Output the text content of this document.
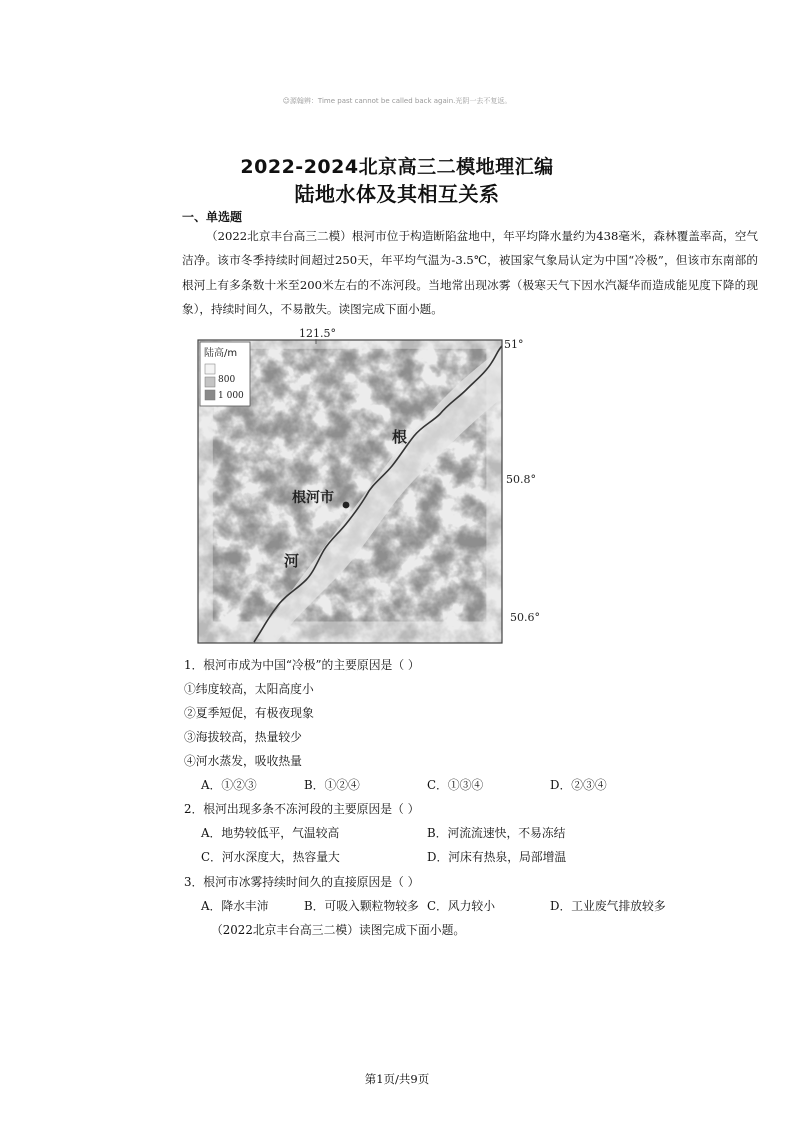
☺源翰辨：Time past cannot be called back again.光阴一去不复返。
2022-2024北京高三二模地理汇编
陆地水体及其相互关系
一、单选题
（2022北京丰台高三二模）根河市位于构造断陷盆地中，年平均降水量约为438毫米，森林覆盖率高，空气洁净。该市冬季持续时间超过250天，年平均气温为-3.5℃，被国家气象局认定为中国“冷极”，但该市东南部的根河上有多条数十米至200米左右的不冻河段。当地常出现冰雾（极寒天气下因水汽凝华而造成能见度下降的现象），持续时间久，不易散失。读图完成下面小题。
陆高/m
800
1 000
121.5°
51°
50.8°
50.6°
根河市
根
河
1．根河市成为中国“冷极”的主要原因是（ ）
①纬度较高，太阳高度小
②夏季短促，有极夜现象
③海拔较高，热量较少
④河水蒸发，吸收热量
A．①②③	B．①②④	C．①③④	D．②③④
2．根河出现多条不冻河段的主要原因是（ ）
A．地势较低平，气温较高	B．河流流速快，不易冻结
C．河水深度大，热容量大	D．河床有热泉，局部增温
3．根河市冰雾持续时间久的直接原因是（ ）
A．降水丰沛	B．可吸入颗粒物较多 C．风力较小	D．工业废气排放较多
（2022北京丰台高三二模）读图完成下面小题。
第1页/共9页
